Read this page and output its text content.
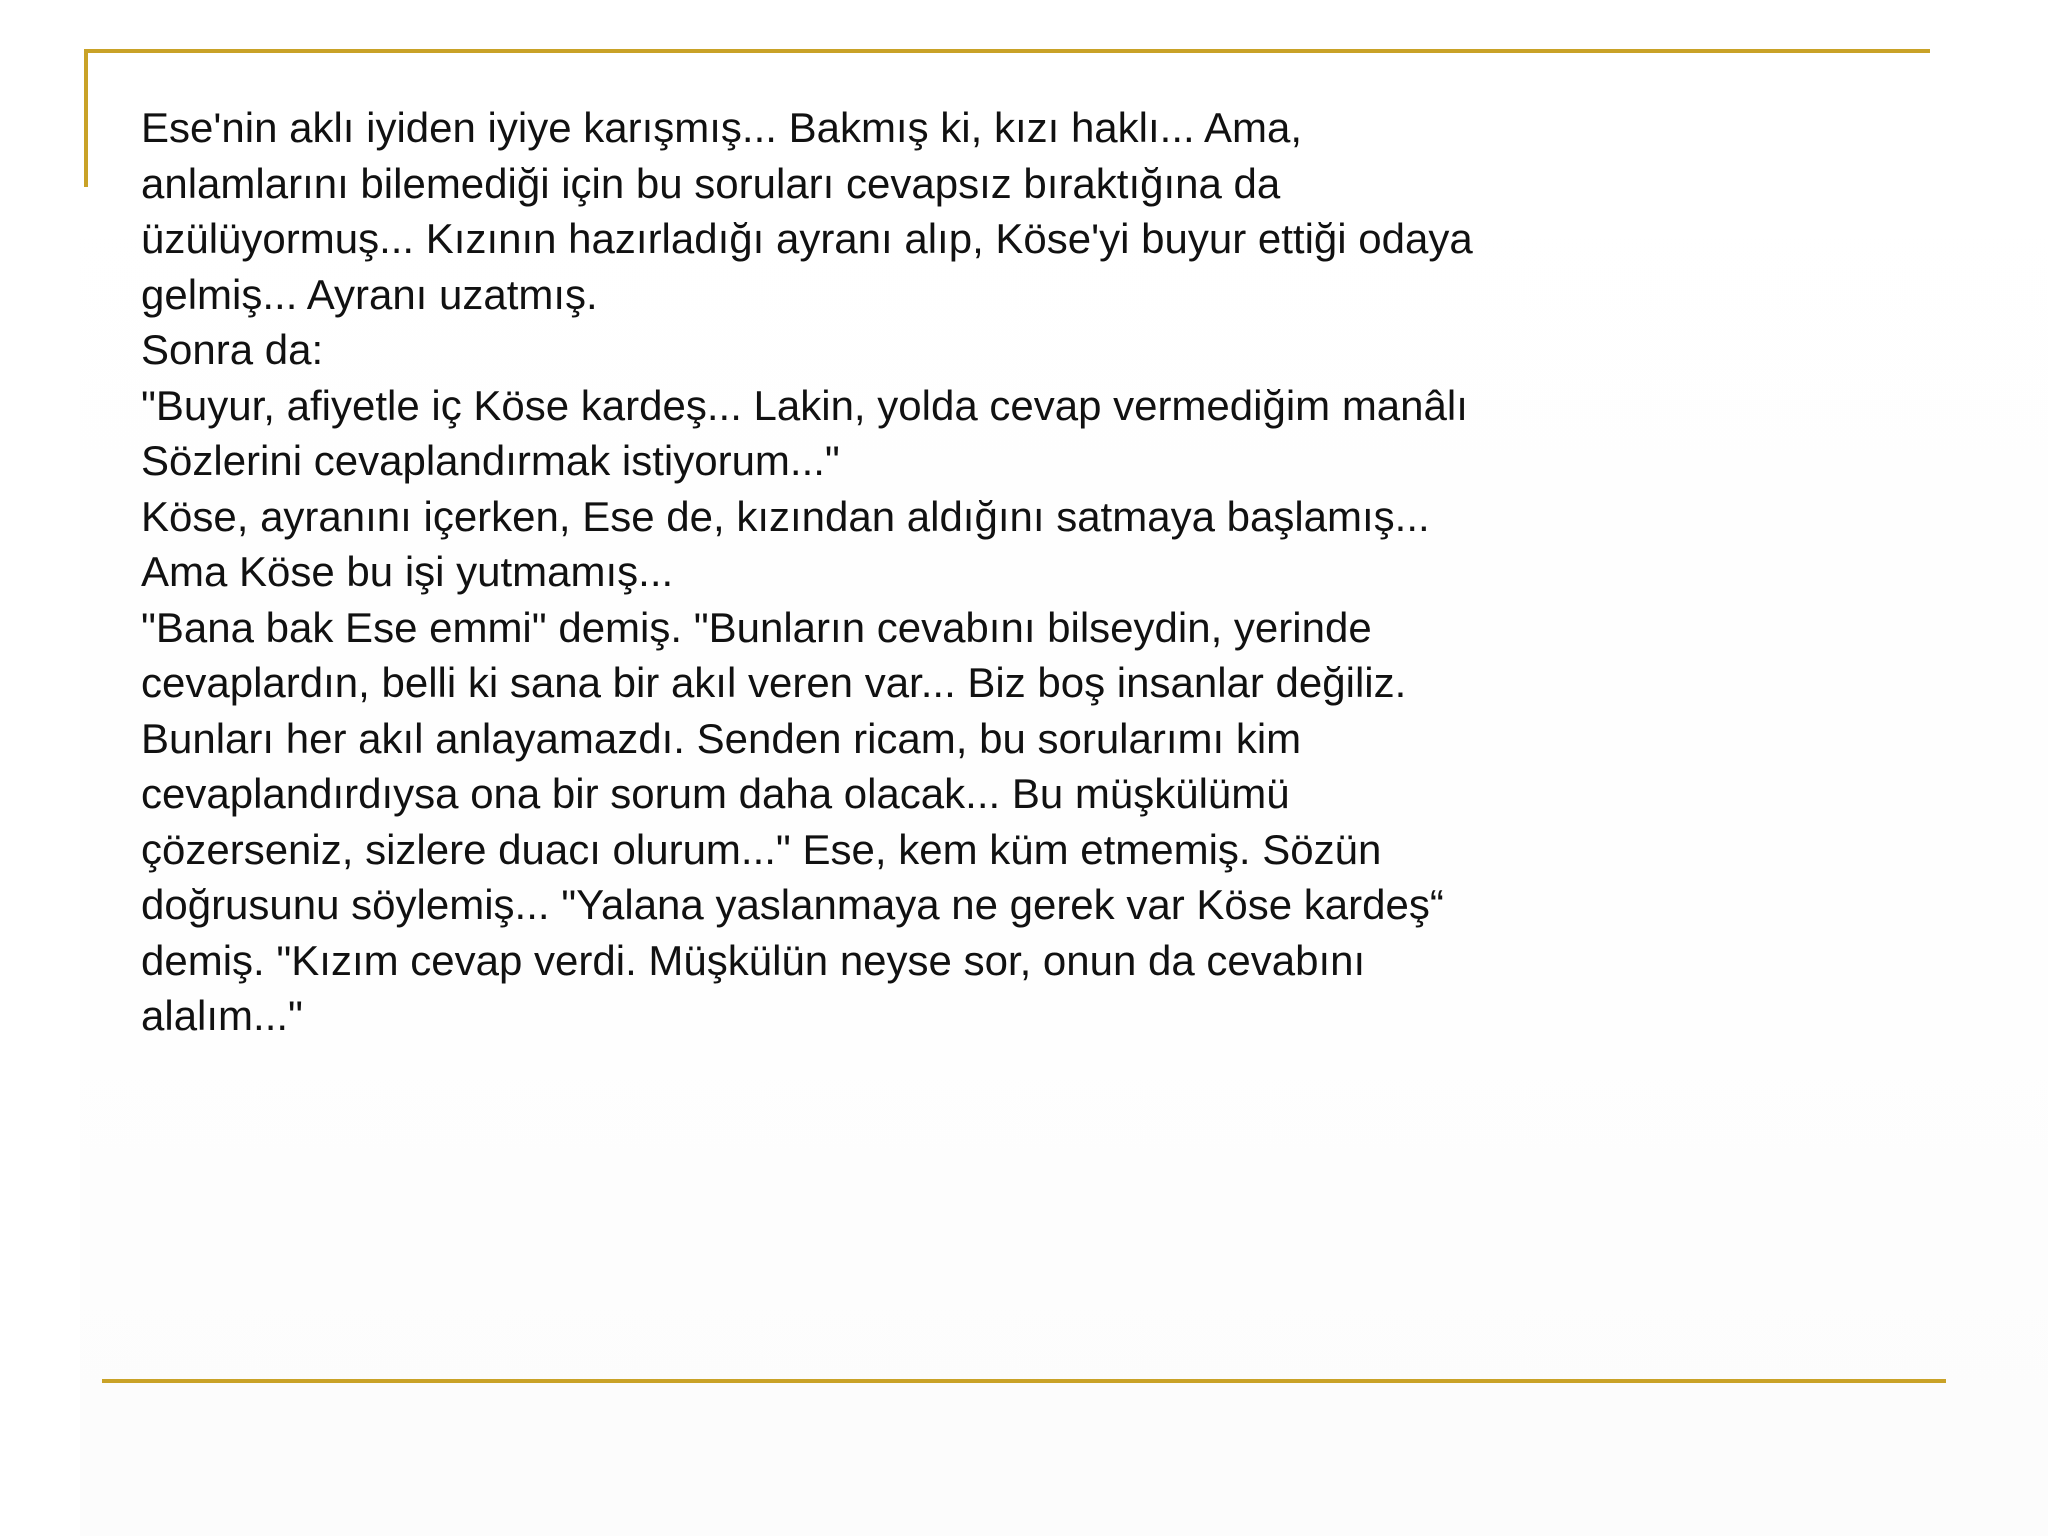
Ese'nin aklı iyiden iyiye karışmış... Bakmış ki, kızı haklı... Ama,
anlamlarını bilemediği için bu soruları cevapsız bıraktığına da
üzülüyormuş... Kızının hazırladığı ayranı alıp, Köse'yi buyur ettiği odaya
gelmiş... Ayranı uzatmış.
Sonra da:
"Buyur, afiyetle iç Köse kardeş... Lakin, yolda cevap vermediğim manâlı
Sözlerini cevaplandırmak istiyorum..."
Köse, ayranını içerken, Ese de, kızından aldığını satmaya başlamış...
Ama Köse bu işi yutmamış...
"Bana bak Ese emmi" demiş. "Bunların cevabını bilseydin, yerinde
cevaplardın, belli ki sana bir akıl veren var... Biz boş insanlar değiliz.
Bunları her akıl anlayamazdı. Senden ricam, bu sorularımı kim
cevaplandırdıysa ona bir sorum daha olacak... Bu müşkülümü
çözerseniz, sizlere duacı olurum..." Ese, kem küm etmemiş. Sözün
doğrusunu söylemiş... "Yalana yaslanmaya ne gerek var Köse kardeş“
demiş. "Kızım cevap verdi. Müşkülün neyse sor, onun da cevabını
alalım..."
